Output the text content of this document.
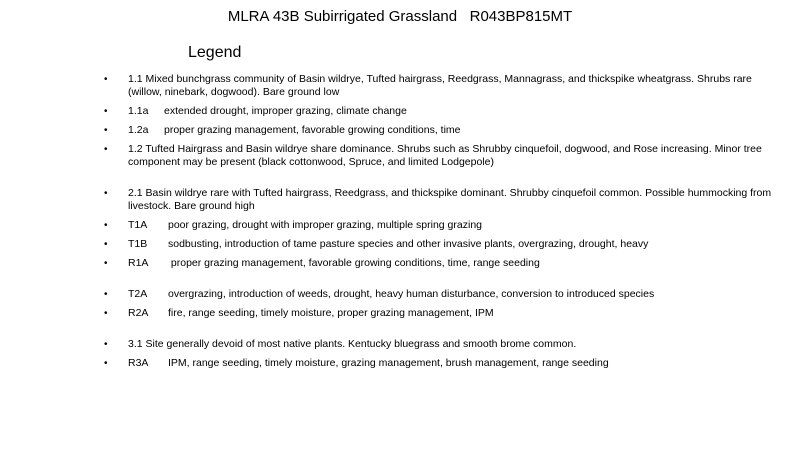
MLRA 43B Subirrigated Grassland   R043BP815MT
Legend
• 1.1 Mixed bunchgrass community of Basin wildrye, Tufted hairgrass, Reedgrass, Mannagrass, and thickspike wheatgrass. Shrubs rare (willow, ninebark, dogwood). Bare ground low
• 1.1a extended drought, improper grazing, climate change
• 1.2a proper grazing management, favorable growing conditions, time
• 1.2 Tufted Hairgrass and Basin wildrye share dominance. Shrubs such as Shrubby cinquefoil, dogwood, and Rose increasing. Minor tree component may be present (black cottonwood, Spruce, and limited Lodgepole)
• 2.1 Basin wildrye rare with Tufted hairgrass, Reedgrass, and thickspike dominant. Shrubby cinquefoil common. Possible hummocking from livestock. Bare ground high
• T1A poor grazing, drought with improper grazing, multiple spring grazing
• T1B sodbusting, introduction of tame pasture species and other invasive plants, overgrazing, drought, heavy
• R1A proper grazing management, favorable growing conditions, time, range seeding
• T2A overgrazing, introduction of weeds, drought, heavy human disturbance, conversion to introduced species
• R2A fire, range seeding, timely moisture, proper grazing management, IPM
• 3.1 Site generally devoid of most native plants. Kentucky bluegrass and smooth brome common.
• R3A IPM, range seeding, timely moisture, grazing management, brush management, range seeding
